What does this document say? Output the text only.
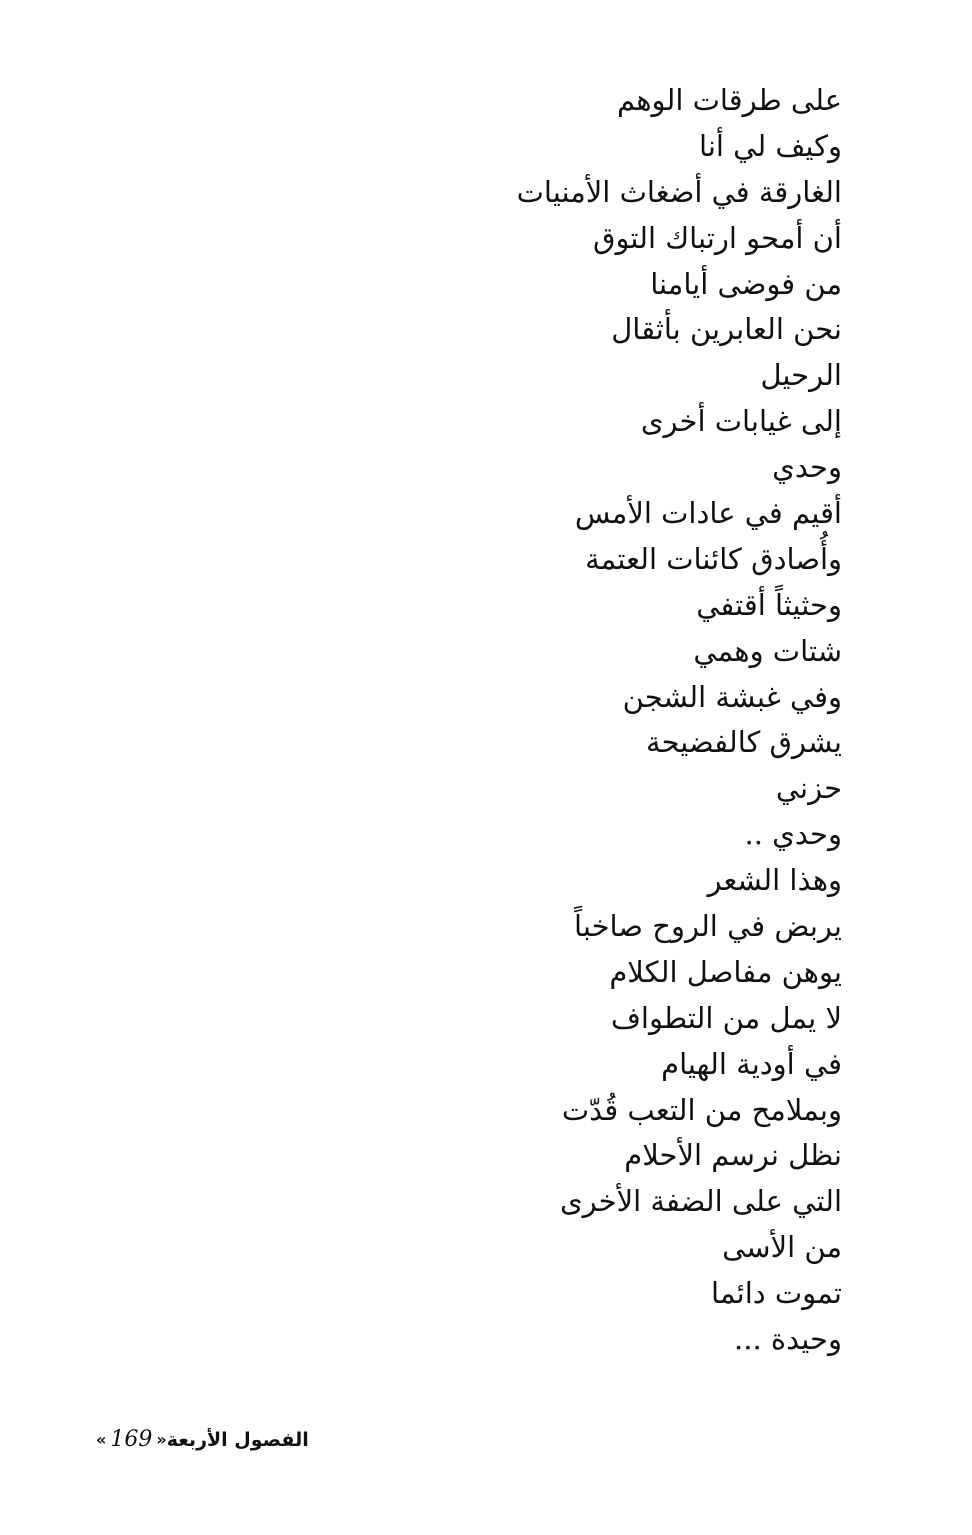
على طرقات الوهم
وكيف لي أنا
الغارقة في أضغاث الأمنيات
أن أمحو ارتباك التوق
من فوضى أيامنا
نحن العابرين بأثقال
الرحيل
إلى غيابات أخرى
وحدي
أقيم في عادات الأمس
وأُصادق كائنات العتمة
وحثيثاً أقتفي
شتات وهمي
وفي غبشة الشجن
يشرق كالفضيحة
حزني
وحدي ..
وهذا الشعر
يربض في الروح صاخباً
يوهن مفاصل الكلام
لا يمل من التطواف
في أودية الهيام
وبملامح من التعب قُدّت
نظل نرسم الأحلام
التي على الضفة الأخرى
من الأسى
تموت دائما
وحيدة ...
الفصول الأربعة
«
169
»
